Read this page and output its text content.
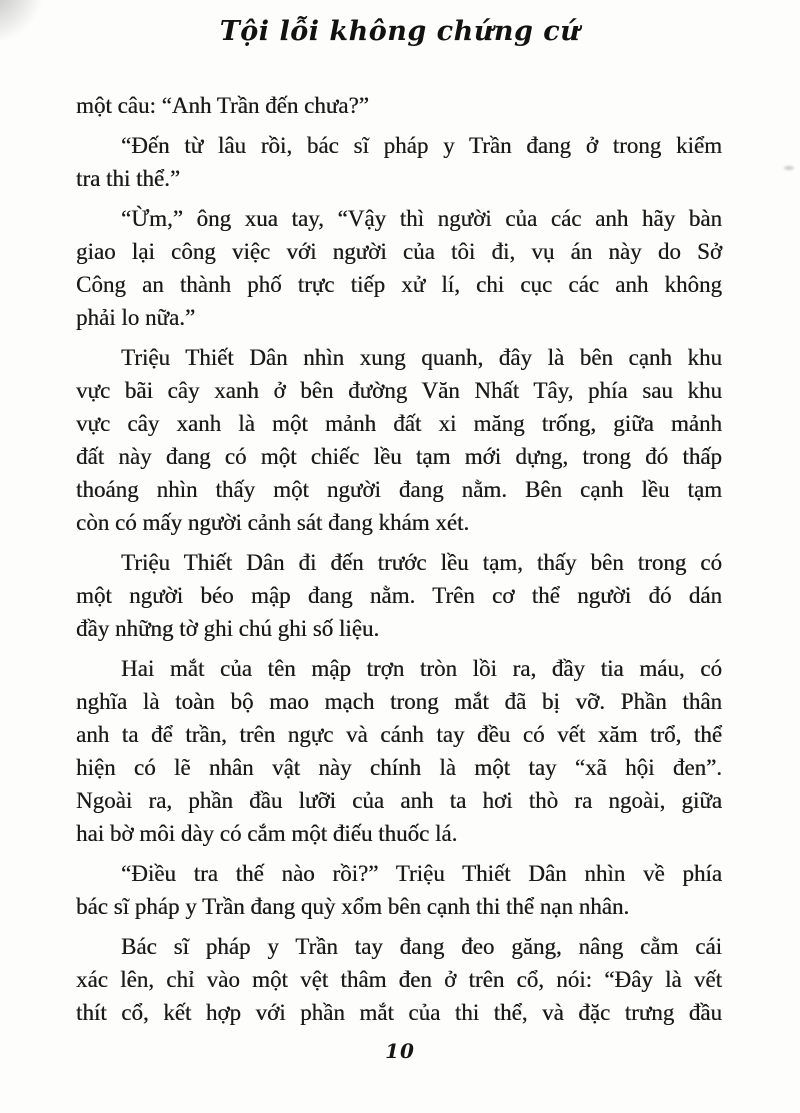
Tội lỗi không chứng cứ
một câu: “Anh Trần đến chưa?”
“Đến từ lâu rồi, bác sĩ pháp y Trần đang ở trong kiểm
tra thi thể.”
“Ừm,” ông xua tay, “Vậy thì người của các anh hãy bàn
giao lại công việc với người của tôi đi, vụ án này do Sở
Công an thành phố trực tiếp xử lí, chi cục các anh không
phải lo nữa.”
Triệu Thiết Dân nhìn xung quanh, đây là bên cạnh khu
vực bãi cây xanh ở bên đường Văn Nhất Tây, phía sau khu
vực cây xanh là một mảnh đất xi măng trống, giữa mảnh
đất này đang có một chiếc lều tạm mới dựng, trong đó thấp
thoáng nhìn thấy một người đang nằm. Bên cạnh lều tạm
còn có mấy người cảnh sát đang khám xét.
Triệu Thiết Dân đi đến trước lều tạm, thấy bên trong có
một người béo mập đang nằm. Trên cơ thể người đó dán
đầy những tờ ghi chú ghi số liệu.
Hai mắt của tên mập trợn tròn lồi ra, đầy tia máu, có
nghĩa là toàn bộ mao mạch trong mắt đã bị vỡ. Phần thân
anh ta để trần, trên ngực và cánh tay đều có vết xăm trổ, thể
hiện có lẽ nhân vật này chính là một tay “xã hội đen”.
Ngoài ra, phần đầu lưỡi của anh ta hơi thò ra ngoài, giữa
hai bờ môi dày có cắm một điếu thuốc lá.
“Điều tra thế nào rồi?” Triệu Thiết Dân nhìn về phía
bác sĩ pháp y Trần đang quỳ xổm bên cạnh thi thể nạn nhân.
Bác sĩ pháp y Trần tay đang đeo găng, nâng cằm cái
xác lên, chỉ vào một vệt thâm đen ở trên cổ, nói: “Đây là vết
thít cổ, kết hợp với phần mắt của thi thể, và đặc trưng đầu
10
